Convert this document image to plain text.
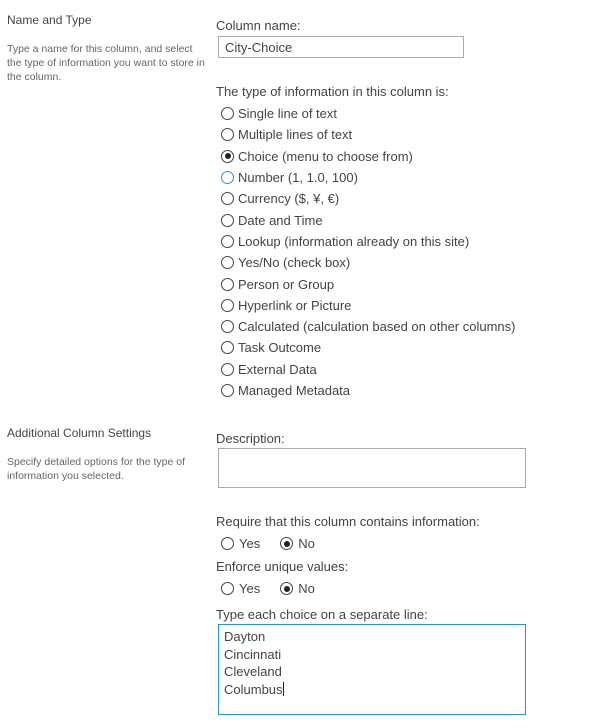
Name and Type
Type a name for this column, and select the type of information you want to store in the column.
Column name:
City-Choice
The type of information in this column is:
Single line of text
Multiple lines of text
Choice (menu to choose from)
Number (1, 1.0, 100)
Currency ($, ¥, €)
Date and Time
Lookup (information already on this site)
Yes/No (check box)
Person or Group
Hyperlink or Picture
Calculated (calculation based on other columns)
Task Outcome
External Data
Managed Metadata
Additional Column Settings
Specify detailed options for the type of information you selected.
Description:
Require that this column contains information:
Yes	No
Enforce unique values:
Yes	No
Type each choice on a separate line:
Dayton
Cincinnati
Cleveland
Columbus
